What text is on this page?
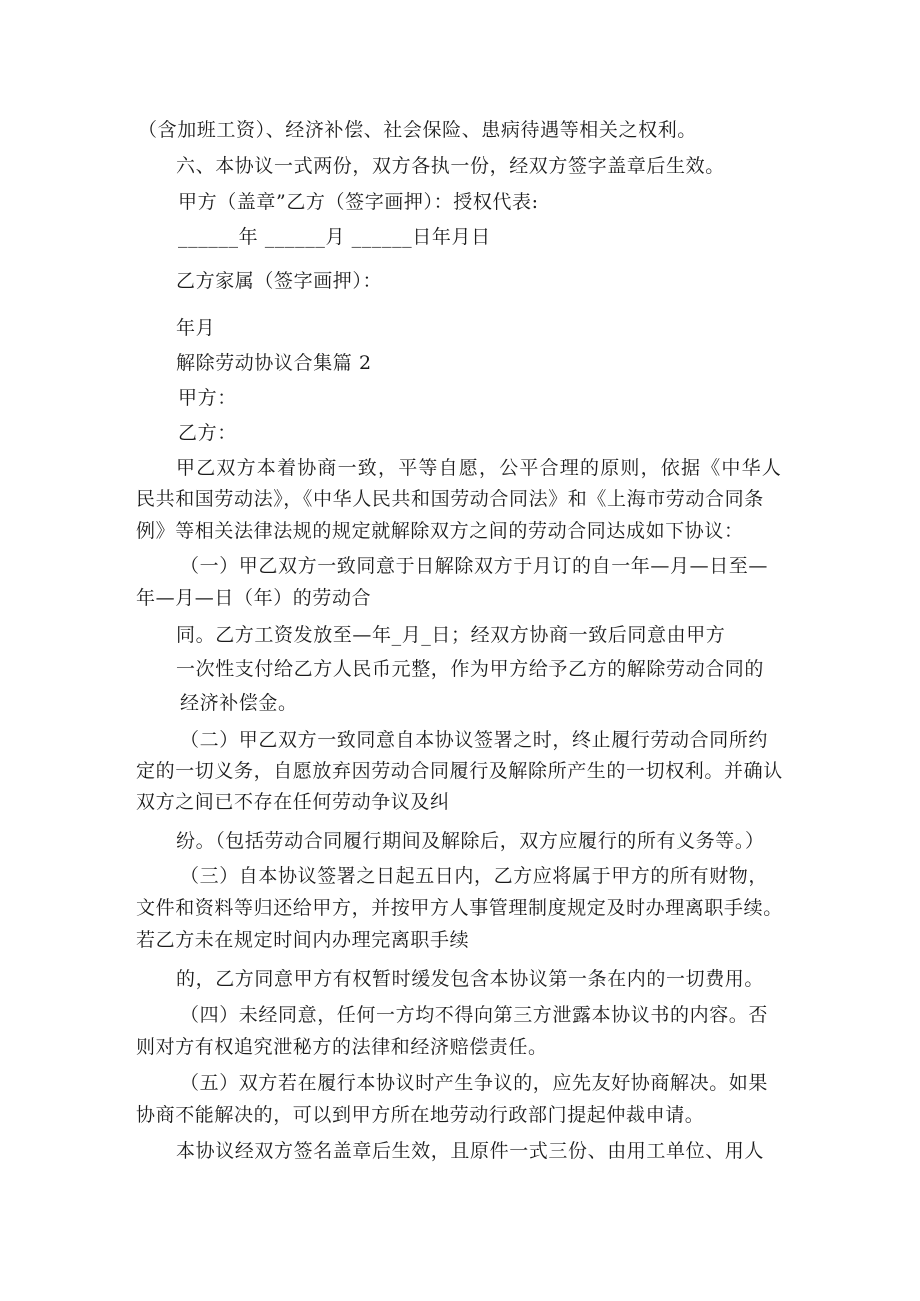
（含加班工资）、经济补偿、社会保险、患病待遇等相关之权利。
六、本协议一式两份，双方各执一份，经双方签字盖章后生效。
甲方（盖章”乙方（签字画押）：授权代表:
______年 ______月 ______日年月日
乙方家属（签字画押）：
年月
解除劳动协议合集篇 2
甲方：
乙方：
甲乙双方本着协商一致，平等自愿，公平合理的原则，依据《中华人
民共和国劳动法》，《中华人民共和国劳动合同法》和《上海市劳动合同条
例》等相关法律法规的规定就解除双方之间的劳动合同达成如下协议：
（一）甲乙双方一致同意于日解除双方于月订的自一年—月—日至—
年—月—日（年）的劳动合
同。乙方工资发放至—年_月_日；经双方协商一致后同意由甲方
一次性支付给乙方人民币元整，作为甲方给予乙方的解除劳动合同的
经济补偿金。
（二）甲乙双方一致同意自本协议签署之时，终止履行劳动合同所约
定的一切义务，自愿放弃因劳动合同履行及解除所产生的一切权利。并确认
双方之间已不存在任何劳动争议及纠
纷。（包括劳动合同履行期间及解除后，双方应履行的所有义务等。）
（三）自本协议签署之日起五日内，乙方应将属于甲方的所有财物，
文件和资料等归还给甲方，并按甲方人事管理制度规定及时办理离职手续。
若乙方未在规定时间内办理完离职手续
的，乙方同意甲方有权暂时缓发包含本协议第一条在内的一切费用。
（四）未经同意，任何一方均不得向第三方泄露本协议书的内容。否
则对方有权追究泄秘方的法律和经济赔偿责任。
（五）双方若在履行本协议时产生争议的，应先友好协商解决。如果
协商不能解决的，可以到甲方所在地劳动行政部门提起仲裁申请。
本协议经双方签名盖章后生效，且原件一式三份、由用工单位、用人
